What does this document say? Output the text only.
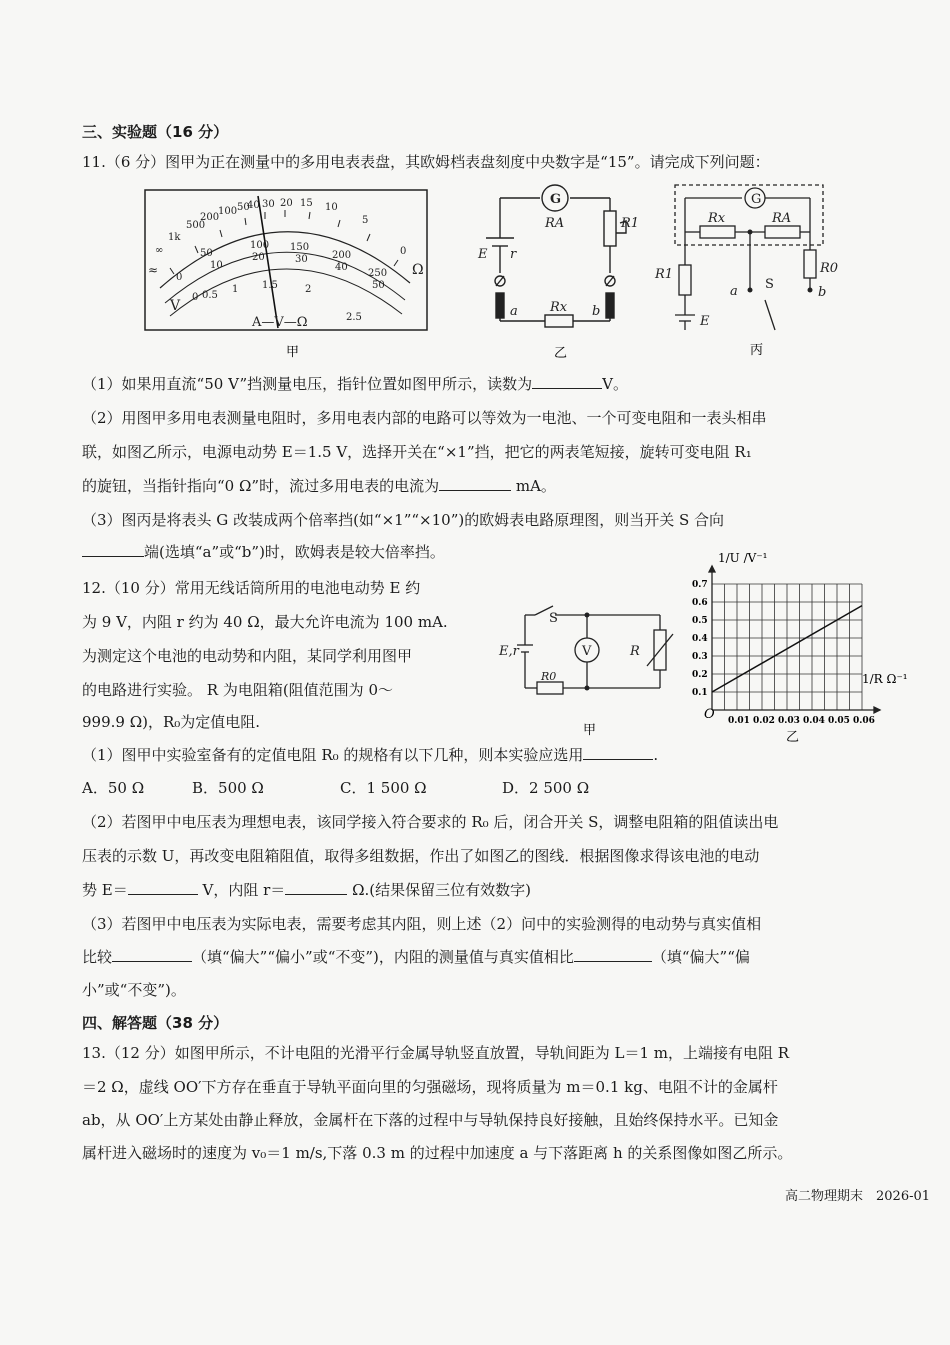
三、实验题（16 分）
11.（6 分）图甲为正在测量中的多用电表表盘，其欧姆档表盘刻度中央数字是“15”。请完成下列问题：
∞
1k
500
200
100 50
40 30 20 15 10
5
0
Ω
50
100 150
200
250
0
10
20	30
40
50
0 0.5
1 1.5	2
2.5
≈
V
A—V—Ω
甲
G
RA	R1
E r
a	b
Rx
乙
G
Rx	RA
R1	R0
E
a S
b
丙
（1）如果用直流“50 V”挡测量电压，指针位置如图甲所示，读数为	V。
（2）用图甲多用电表测量电阻时，多用电表内部的电路可以等效为一电池、一个可变电阻和一表头相串
联，如图乙所示，电源电动势 E＝1.5 V，选择开关在“×1”挡，把它的两表笔短接，旋转可变电阻 R₁
的旋钮，当指针指向“0 Ω”时，流过多用电表的电流为	mA。
（3）图丙是将表头 G 改装成两个倍率挡(如“×1”“×10”)的欧姆表电路原理图，则当开关 S 合向
端(选填“a”或“b”)时，欧姆表是较大倍率挡。
12.（10 分）常用无线话筒所用的电池电动势 E 约
为 9 V，内阻 r 约为 40 Ω，最大允许电流为 100 mA.
为测定这个电池的电动势和内阻，某同学利用图甲
的电路进行实验。 R 为电阻箱(阻值范围为 0～
999.9 Ω)，R₀为定值电阻.
S
E,r	V	R
R0
甲
0.01 0.02 0.03 0.04 0.05 0.06
0.1
0.2
0.3
0.4
0.5
0.6
0.7
1/U /V⁻¹
1/R Ω⁻¹
O
乙
（1）图甲中实验室备有的定值电阻 R₀ 的规格有以下几种，则本实验应选用	.
A．50 Ω	B．500 Ω	C．1 500 Ω	D．2 500 Ω
（2）若图甲中电压表为理想电表，该同学接入符合要求的 R₀ 后，闭合开关 S，调整电阻箱的阻值读出电
压表的示数 U，再改变电阻箱阻值，取得多组数据，作出了如图乙的图线．根据图像求得该电池的电动
势 E＝	V，内阻 r＝	Ω.(结果保留三位有效数字)
（3）若图甲中电压表为实际电表，需要考虑其内阻，则上述（2）问中的实验测得的电动势与真实值相
比较	（填“偏大”“偏小”或“不变”)，内阻的测量值与真实值相比	（填“偏大”“偏
小”或“不变”)。
四、解答题（38 分）
13.（12 分）如图甲所示，不计电阻的光滑平行金属导轨竖直放置，导轨间距为 L＝1 m，上端接有电阻 R
＝2 Ω，虚线 OO′下方存在垂直于导轨平面向里的匀强磁场，现将质量为 m＝0.1 kg、电阻不计的金属杆
ab，从 OO′上方某处由静止释放，金属杆在下落的过程中与导轨保持良好接触，且始终保持水平。已知金
属杆进入磁场时的速度为 v₀＝1 m/s,下落 0.3 m 的过程中加速度 a 与下落距离 h 的关系图像如图乙所示。
高二物理期末　2026-01
